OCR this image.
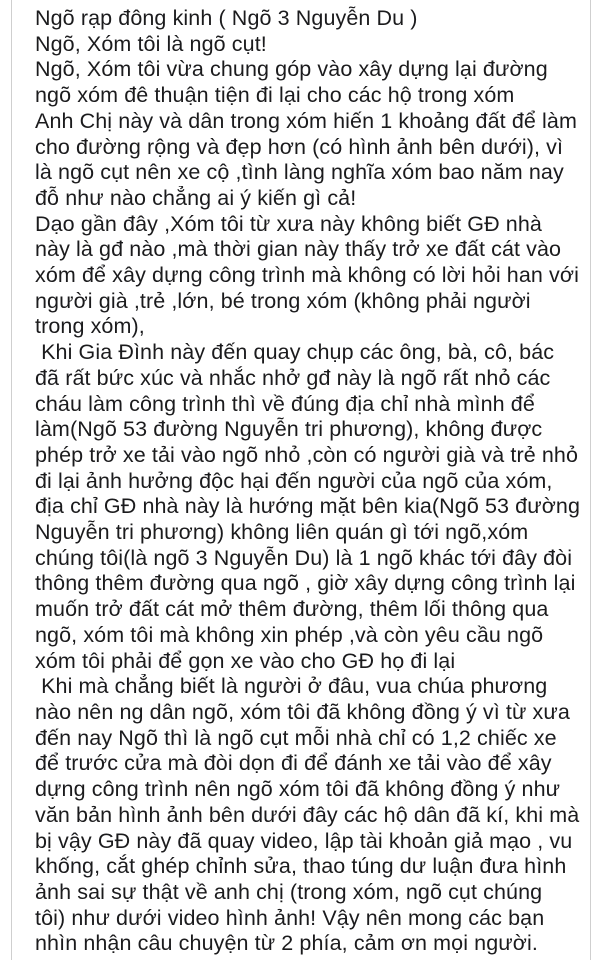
Ngõ rạp đông kinh ( Ngõ 3 Nguyễn Du )
Ngõ, Xóm tôi là ngõ cụt!
Ngõ, Xóm tôi vừa chung góp vào xây dựng lại đường
ngõ xóm đê thuận tiện đi lại cho các hộ trong xóm
Anh Chị này và dân trong xóm hiến 1 khoảng đất để làm
cho đường rộng và đẹp hơn (có hình ảnh bên dưới), vì
là ngõ cụt nên xe cộ ,tình làng nghĩa xóm bao năm nay
đỗ như nào chẳng ai ý kiến gì cả!
Dạo gần đây ,Xóm tôi từ xưa này không biết GĐ nhà
này là gđ nào ,mà thời gian này thấy trở xe đất cát vào
xóm để xây dựng công trình mà không có lời hỏi han với
người già ,trẻ ,lớn, bé trong xóm (không phải người
trong xóm),
Khi Gia Đình này đến quay chụp các ông, bà, cô, bác
đã rất bức xúc và nhắc nhở gđ này là ngõ rất nhỏ các
cháu làm công trình thì về đúng địa chỉ nhà mình để
làm(Ngõ 53 đường Nguyễn tri phương), không được
phép trở xe tải vào ngõ nhỏ ,còn có người già và trẻ nhỏ
đi lại ảnh hưởng độc hại đến người của ngõ của xóm,
địa chỉ GĐ nhà này là hướng mặt bên kia(Ngõ 53 đường
Nguyễn tri phương) không liên quán gì tới ngõ,xóm
chúng tôi(là ngõ 3 Nguyễn Du) là 1 ngõ khác tới đây đòi
thông thêm đường qua ngõ , giờ xây dựng công trình lại
muốn trở đất cát mở thêm đường, thêm lối thông qua
ngõ, xóm tôi mà không xin phép ,và còn yêu cầu ngõ
xóm tôi phải để gọn xe vào cho GĐ họ đi lại
Khi mà chẳng biết là người ở đâu, vua chúa phương
nào nên ng dân ngõ, xóm tôi đã không đồng ý vì từ xưa
đến nay Ngõ thì là ngõ cụt mỗi nhà chỉ có 1,2 chiếc xe
để trước cửa mà đòi dọn đi để đánh xe tải vào để xây
dựng công trình nên ngõ xóm tôi đã không đồng ý như
văn bản hình ảnh bên dưới đây các hộ dân đã kí, khi mà
bị vậy GĐ này đã quay video, lập tài khoản giả mạo , vu
khống, cắt ghép chỉnh sửa, thao túng dư luận đưa hình
ảnh sai sự thật về anh chị (trong xóm, ngõ cụt chúng
tôi) như dưới video hình ảnh! Vậy nên mong các bạn
nhìn nhận câu chuyện từ 2 phía, cảm ơn mọi người.
